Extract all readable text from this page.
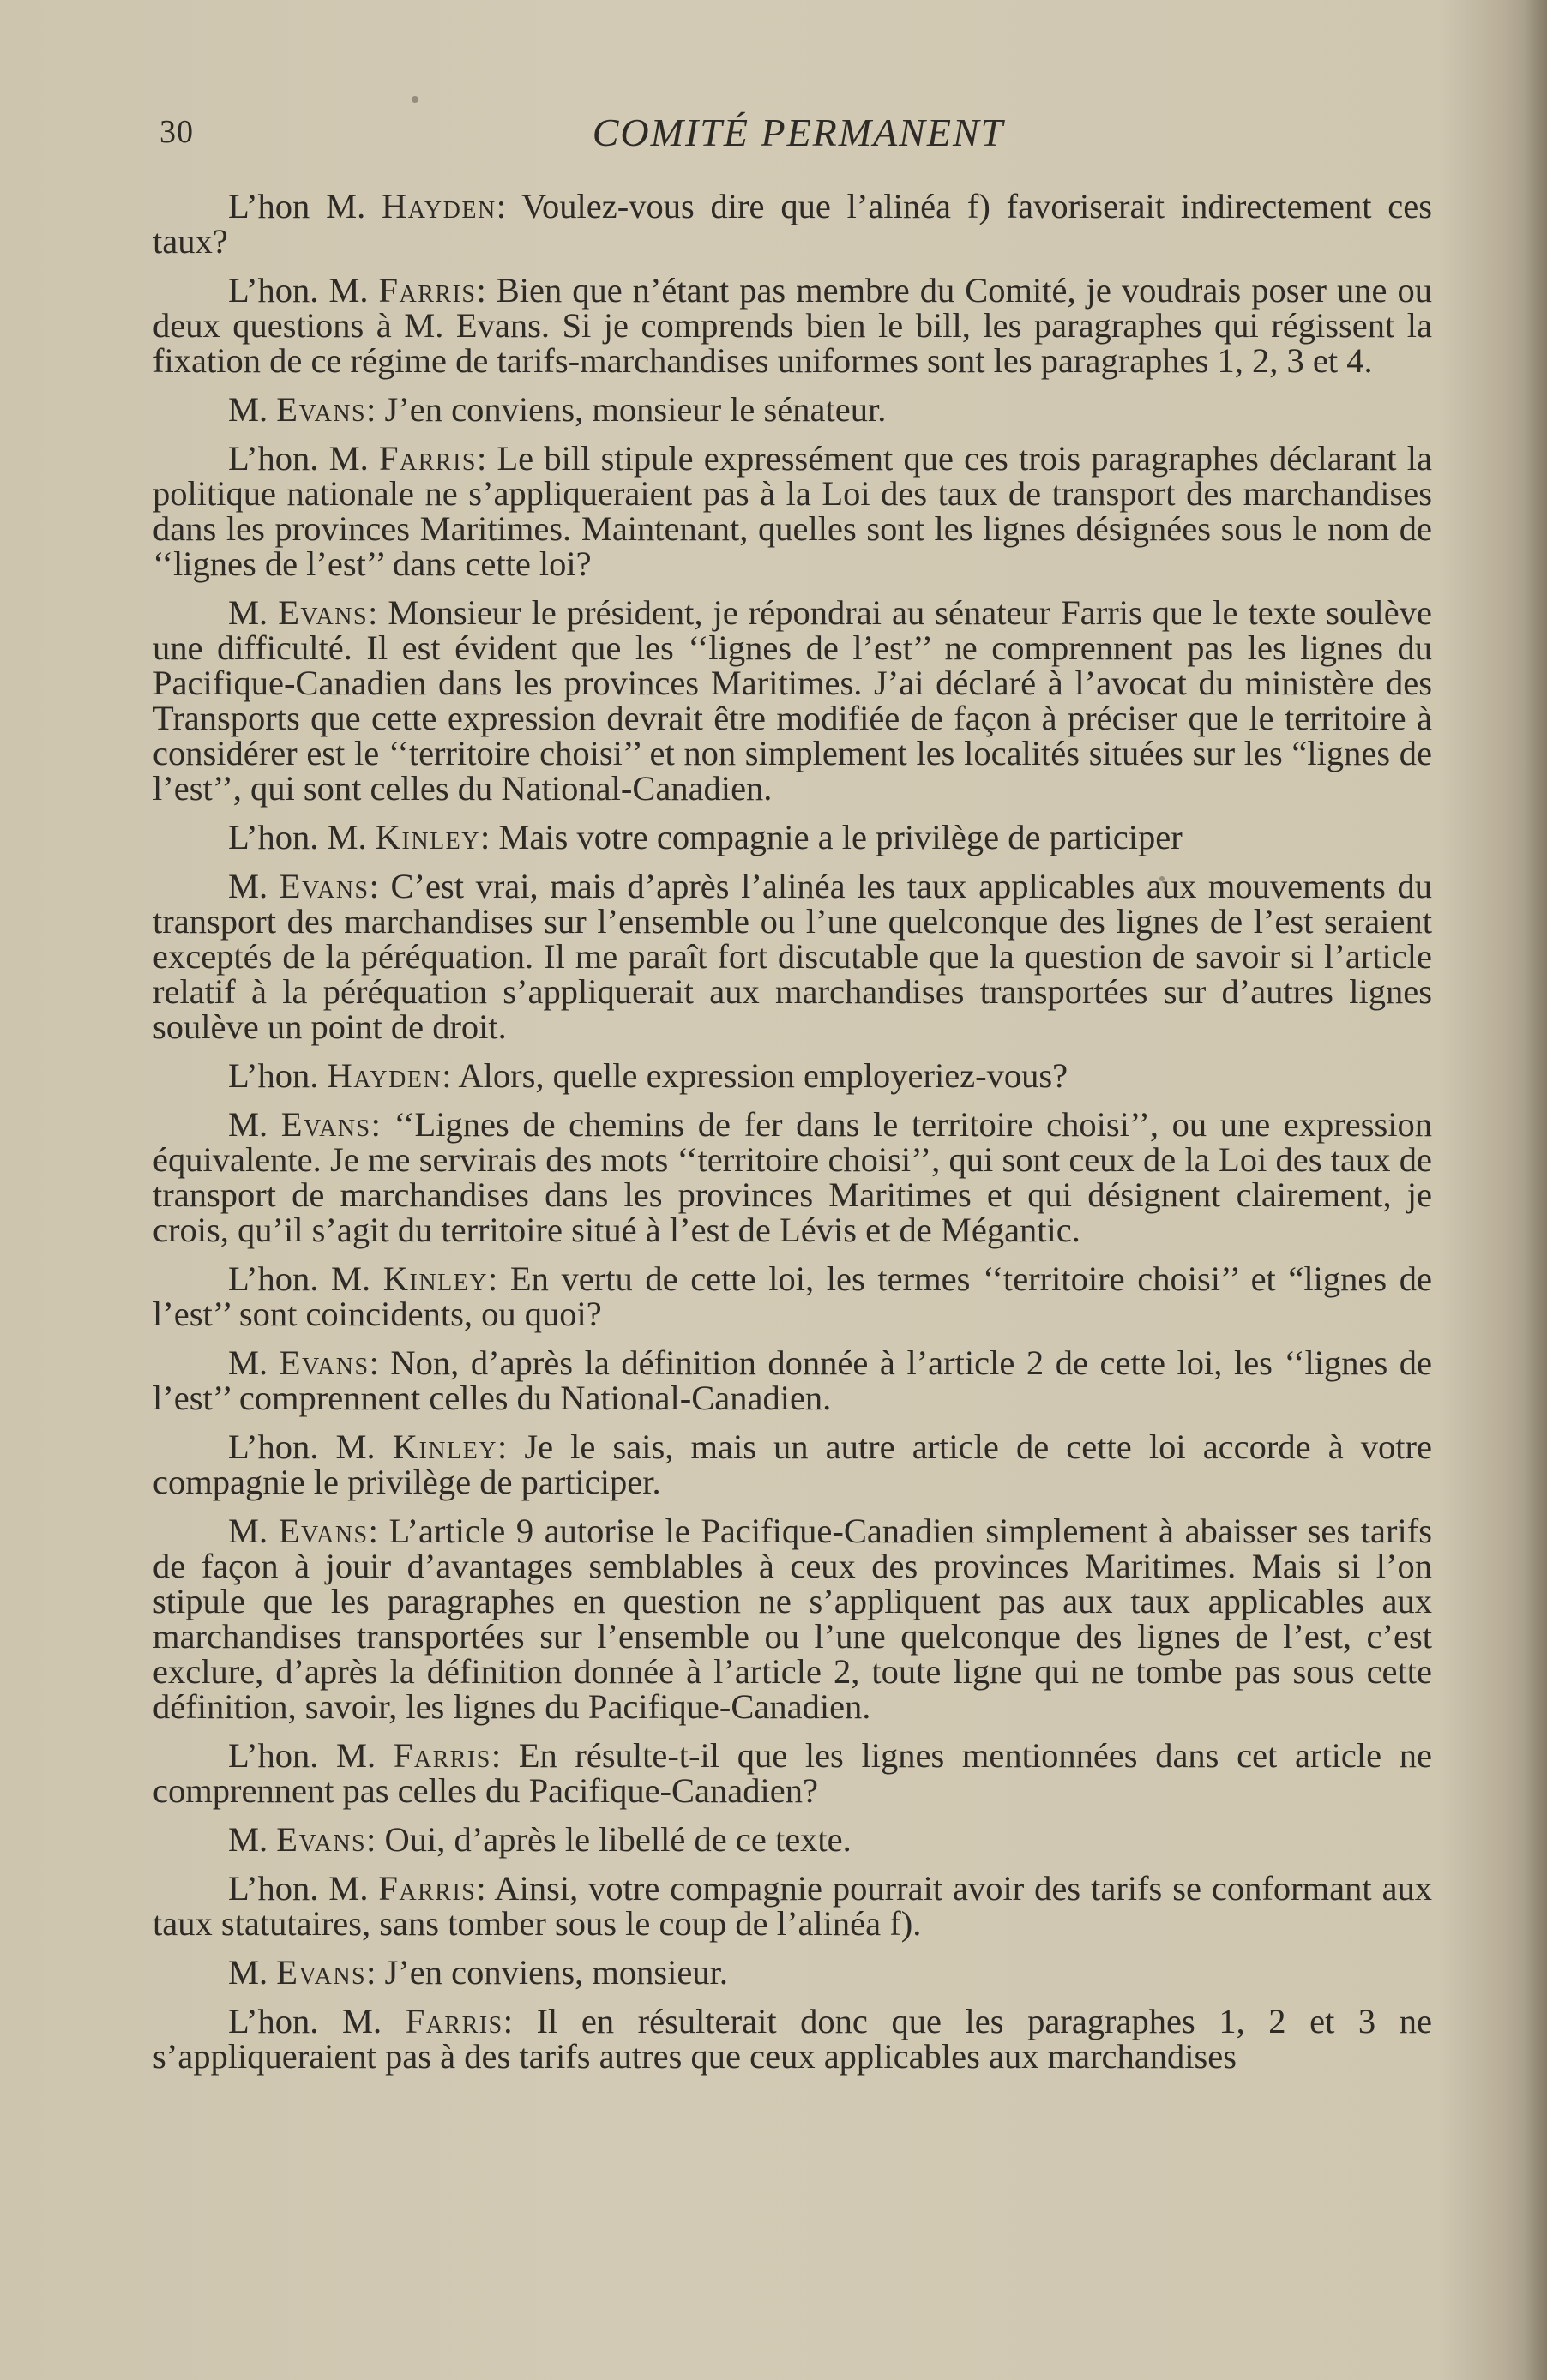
30	COMITÉ PERMANENT

L’hon M. Hayden: Voulez-vous dire que l’alinéa f) favoriserait indirectement ces taux?

L’hon. M. Farris: Bien que n’étant pas membre du Comité, je voudrais poser une ou deux questions à M. Evans. Si je comprends bien le bill, les paragraphes qui régissent la fixation de ce régime de tarifs-marchandises uniformes sont les paragraphes 1, 2, 3 et 4.

M. Evans: J’en conviens, monsieur le sénateur.

L’hon. M. Farris: Le bill stipule expressément que ces trois paragraphes déclarant la politique nationale ne s’appliqueraient pas à la Loi des taux de transport des marchandises dans les provinces Maritimes. Maintenant, quelles sont les lignes désignées sous le nom de ‘‘lignes de l’est’’ dans cette loi?

M. Evans: Monsieur le président, je répondrai au sénateur Farris que le texte soulève une difficulté. Il est évident que les ‘‘lignes de l’est’’ ne comprennent pas les lignes du Pacifique-Canadien dans les provinces Maritimes. J’ai déclaré à l’avocat du ministère des Transports que cette expression devrait être modifiée de façon à préciser que le territoire à considérer est le ‘‘territoire choisi’’ et non simplement les localités situées sur les “lignes de l’est’’, qui sont celles du National-Canadien.

L’hon. M. Kinley: Mais votre compagnie a le privilège de participer

M. Evans: C’est vrai, mais d’après l’alinéa les taux applicables aux mouvements du transport des marchandises sur l’ensemble ou l’une quelconque des lignes de l’est seraient exceptés de la péréquation. Il me paraît fort discutable que la question de savoir si l’article relatif à la péréquation s’appliquerait aux marchandises transportées sur d’autres lignes soulève un point de droit.

L’hon. Hayden: Alors, quelle expression employeriez-vous?

M. Evans: ‘‘Lignes de chemins de fer dans le territoire choisi’’, ou une expression équivalente. Je me servirais des mots ‘‘territoire choisi’’, qui sont ceux de la Loi des taux de transport de marchandises dans les provinces Maritimes et qui désignent clairement, je crois, qu’il s’agit du territoire situé à l’est de Lévis et de Mégantic.

L’hon. M. Kinley: En vertu de cette loi, les termes ‘‘territoire choisi’’ et “lignes de l’est’’ sont coincidents, ou quoi?

M. Evans: Non, d’après la définition donnée à l’article 2 de cette loi, les ‘‘lignes de l’est’’ comprennent celles du National-Canadien.

L’hon. M. Kinley: Je le sais, mais un autre article de cette loi accorde à votre compagnie le privilège de participer.

M. Evans: L’article 9 autorise le Pacifique-Canadien simplement à abaisser ses tarifs de façon à jouir d’avantages semblables à ceux des provinces Maritimes. Mais si l’on stipule que les paragraphes en question ne s’appliquent pas aux taux applicables aux marchandises transportées sur l’ensemble ou l’une quelconque des lignes de l’est, c’est exclure, d’après la définition donnée à l’article 2, toute ligne qui ne tombe pas sous cette définition, savoir, les lignes du Pacifique-Canadien.

L’hon. M. Farris: En résulte-t-il que les lignes mentionnées dans cet article ne comprennent pas celles du Pacifique-Canadien?

M. Evans: Oui, d’après le libellé de ce texte.

L’hon. M. Farris: Ainsi, votre compagnie pourrait avoir des tarifs se conformant aux taux statutaires, sans tomber sous le coup de l’alinéa f).

M. Evans: J’en conviens, monsieur.

L’hon. M. Farris: Il en résulterait donc que les paragraphes 1, 2 et 3 ne s’appliqueraient pas à des tarifs autres que ceux applicables aux marchandises
